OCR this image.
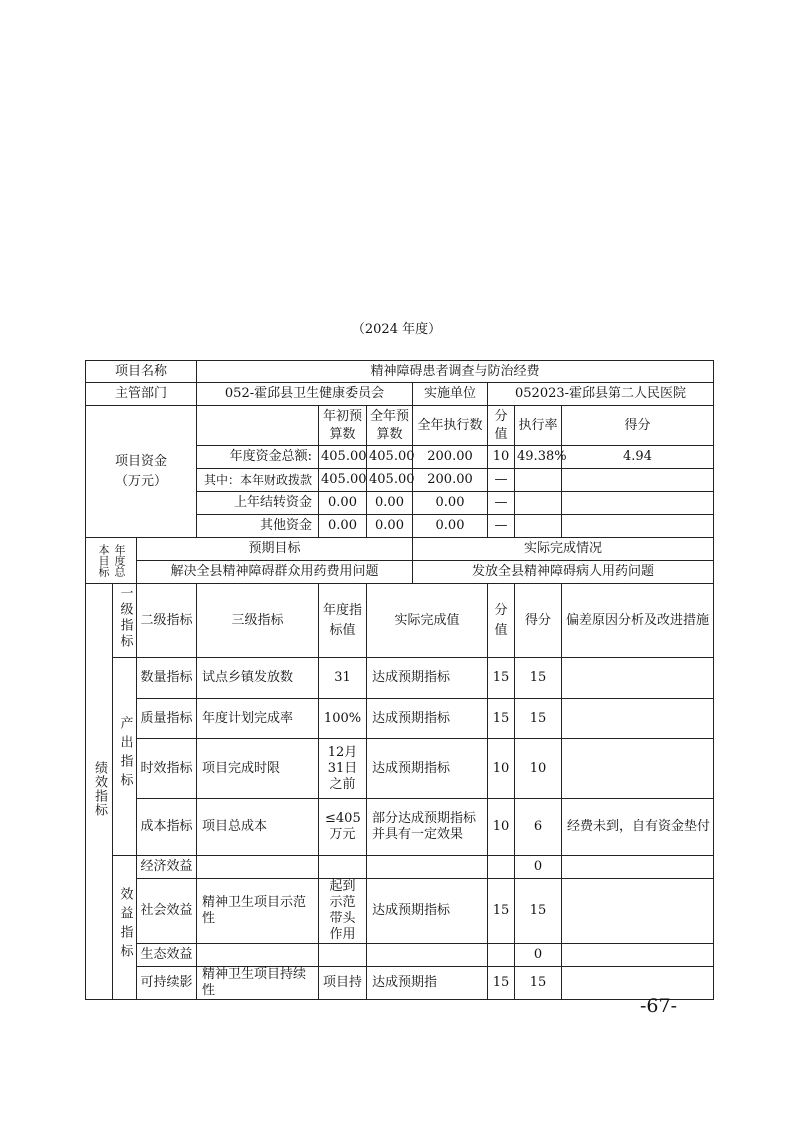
（2024 年度）
项目名称			精神障碍患者调查与防治经费						
主管部门			052-霍邱县卫生健康委员会			实施单位	052023-霍邱县第二人民医院		
项目资金
（万元）				年初预算数	全年预算数	全年执行数	分值	执行率	得分
			年度资金总额:	405.00	405.00	200.00	10	49.38%	4.94
			其中：本年财政拨款	405.00	405.00	200.00	—		
			上年结转资金	0.00	0.00	0.00	—		
			其他资金	0.00	0.00	0.00	—		

本目标 年度总		预期目标				实际完成情况			
		解决全县精神障碍群众用药费用问题				发放全县精神障碍病人用药问题			
绩效指标	一级指标	二级指标	三级指标	年度指标值	实际完成值		分值	得分	偏差原因分析及改进措施
	产出指标	数量指标	试点乡镇发放数	31	达成预期指标		15	15	
		质量指标	年度计划完成率	100%	达成预期指标		15	15	
		时效指标	项目完成时限	12月31日之前	达成预期指标		10	10	
		成本指标	项目总成本	≤405万元	部分达成预期指标并具有一定效果		10	6	经费未到，自有资金垫付
	效益指标	经济效益						0	
		社会效益	精神卫生项目示范性	起到示范带头作用	达成预期指标		15	15	
		生态效益						0	
		可持续影	精神卫生项目持续性	项目持	达成预期指		15	15	
-67-
